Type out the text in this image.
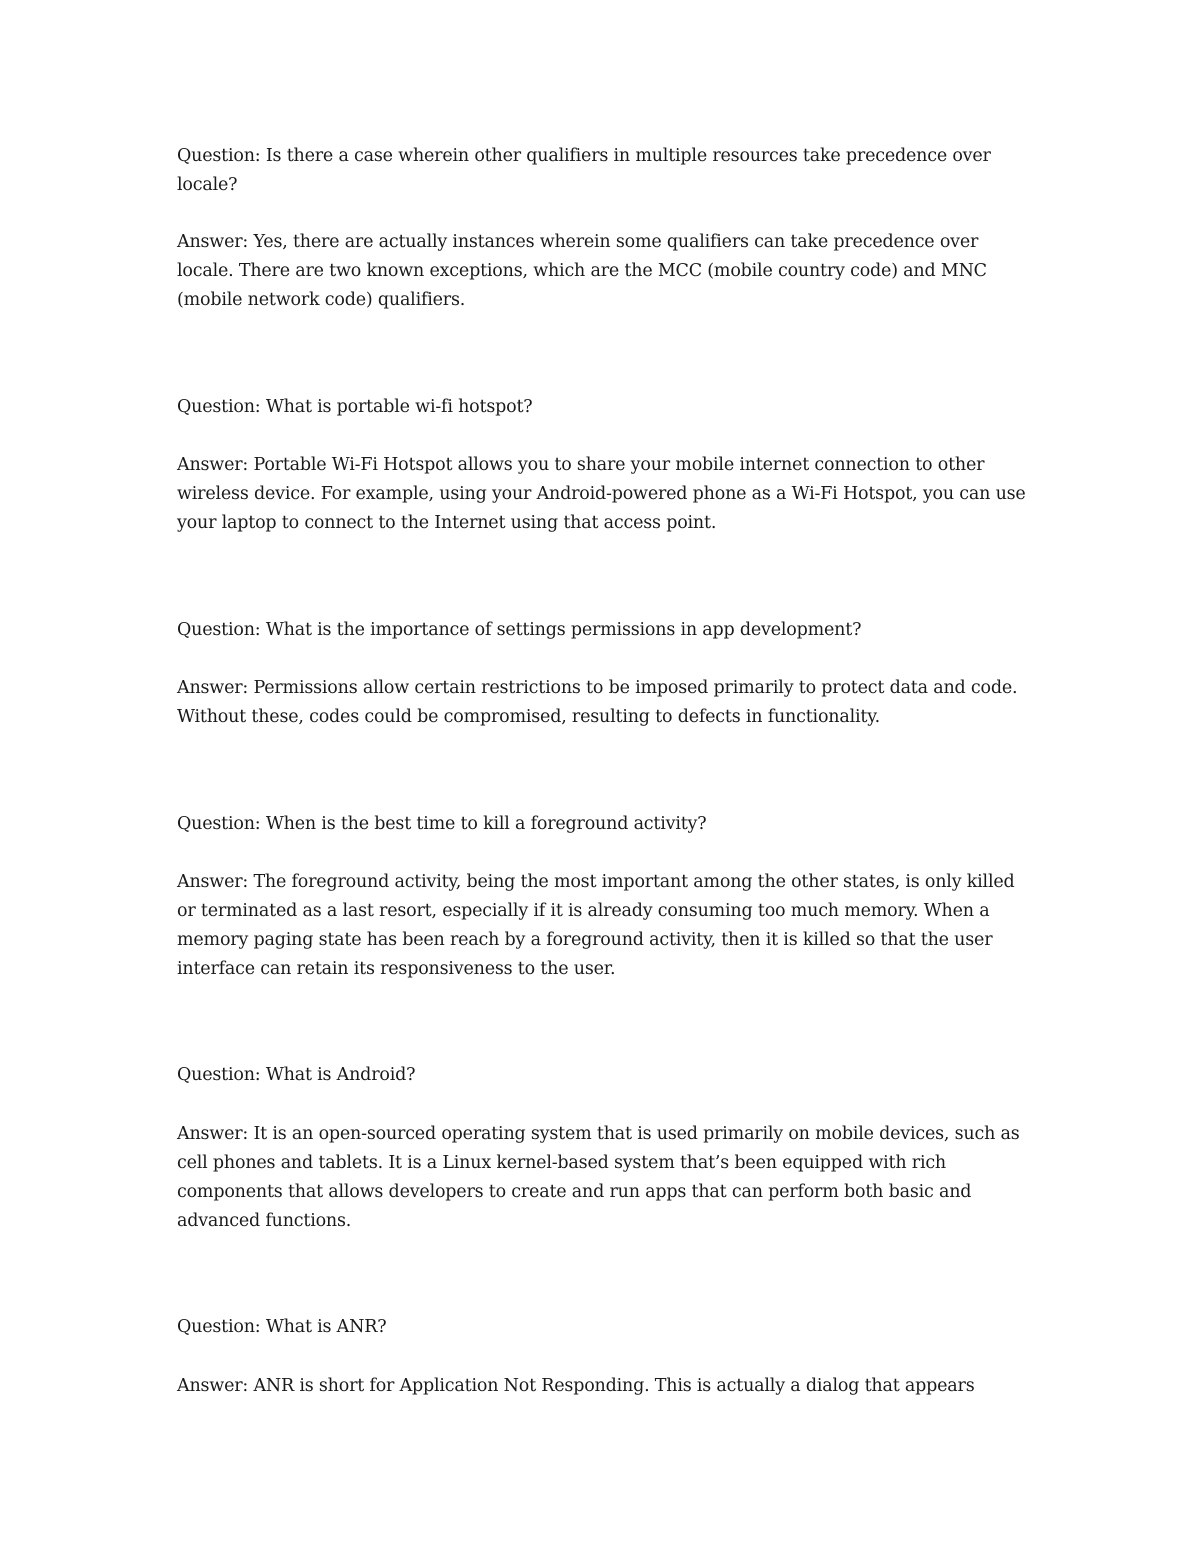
Question: Is there a case wherein other qualifiers in multiple resources take precedence over locale?

Answer: Yes, there are actually instances wherein some qualifiers can take precedence over locale. There are two known exceptions, which are the MCC (mobile country code) and MNC (mobile network code) qualifiers.

Question: What is portable wi-fi hotspot?

Answer: Portable Wi-Fi Hotspot allows you to share your mobile internet connection to other wireless device. For example, using your Android-powered phone as a Wi-Fi Hotspot, you can use your laptop to connect to the Internet using that access point.

Question: What is the importance of settings permissions in app development?

Answer: Permissions allow certain restrictions to be imposed primarily to protect data and code. Without these, codes could be compromised, resulting to defects in functionality.

Question: When is the best time to kill a foreground activity?

Answer: The foreground activity, being the most important among the other states, is only killed or terminated as a last resort, especially if it is already consuming too much memory. When a memory paging state has been reach by a foreground activity, then it is killed so that the user interface can retain its responsiveness to the user.

Question: What is Android?

Answer: It is an open-sourced operating system that is used primarily on mobile devices, such as cell phones and tablets. It is a Linux kernel-based system that’s been equipped with rich components that allows developers to create and run apps that can perform both basic and advanced functions.

Question: What is ANR?

Answer: ANR is short for Application Not Responding. This is actually a dialog that appears
